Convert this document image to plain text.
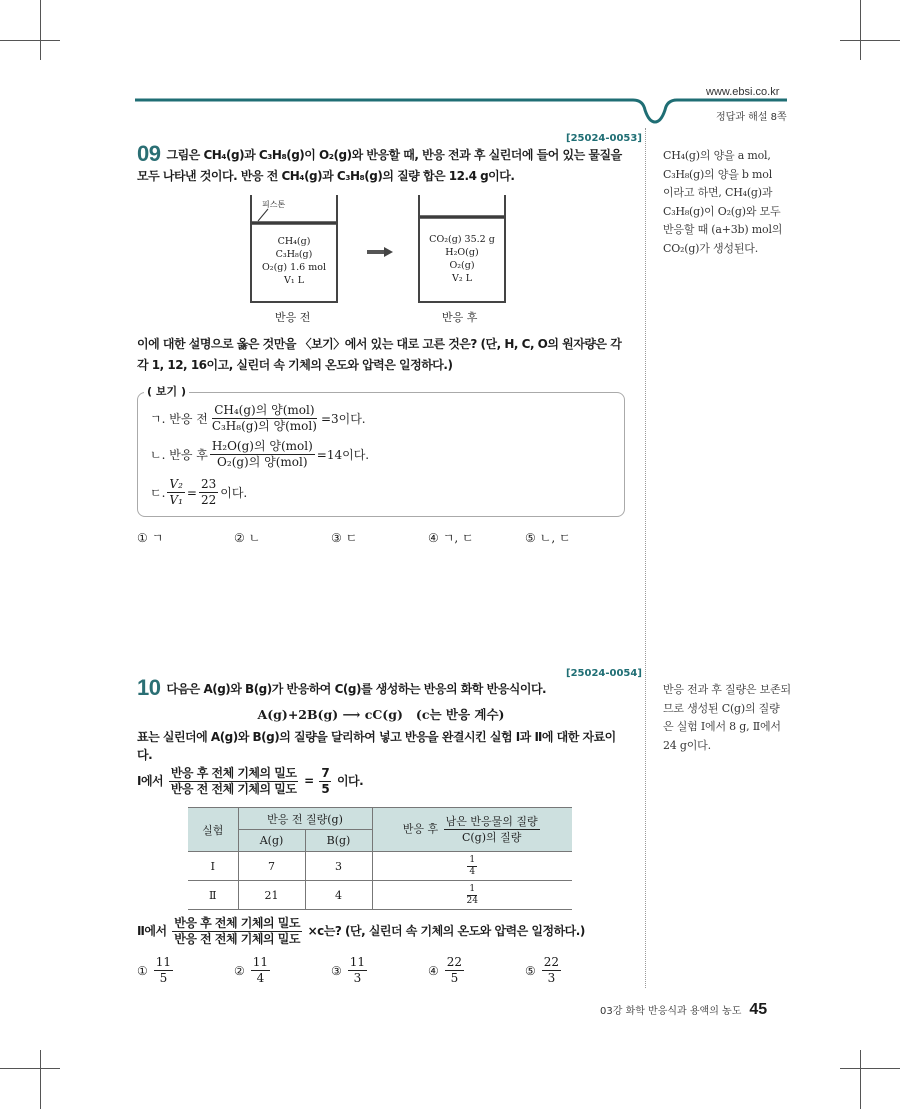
www.ebsi.co.kr
정답과 해설 8쪽
[25024-0053]
09 그림은 CH₄(g)과 C₃H₈(g)이 O₂(g)와 반응할 때, 반응 전과 후 실린더에 들어 있는 물질을 모두 나타낸 것이다. 반응 전 CH₄(g)과 C₃H₈(g)의 질량 합은 12.4 g이다.
CH₄(g)
C₃H₈(g)
O₂(g) 1.6 mol
V₁ L
피스톤
반응 전
CO₂(g) 35.2 g
H₂O(g)
O₂(g)
V₂ L
반응 후
이에 대한 설명으로 옳은 것만을 〈보기〉에서 있는 대로 고른 것은? (단, H, C, O의 원자량은 각각 1, 12, 16이고, 실린더 속 기체의 온도와 압력은 일정하다.)
( 보기 )
ㄱ. 반응 전 $\frac{\text{CH₄(g)의 양(mol)}}{\text{C₃H₈(g)의 양(mol)}} =3$이다.
ㄴ. 반응 후 $\frac{\text{H₂O(g)의 양(mol)}}{\text{O₂(g)의 양(mol)}} =14$이다.
ㄷ. $\frac{\text{V₂}}{\text{V₁}} = \frac{23}{22}$ 이다.
① ㄱ	② ㄴ	③ ㄷ	④ ㄱ, ㄷ	⑤ ㄴ, ㄷ
CH₄(g)의 양을 a mol,
C₃H₈(g)의 양을 b mol
이라고 하면, CH₄(g)과
C₃H₈(g)이 O₂(g)와 모두
반응할 때 (a+3b) mol의
CO₂(g)가 생성된다.
[25024-0054]
10 다음은 A(g)와 B(g)가 반응하여 C(g)를 생성하는 반응의 화학 반응식이다.
A(g)+2B(g) ⟶ cC(g)   (c는 반응 계수)
표는 실린더에 A(g)와 B(g)의 질량을 달리하여 넣고 반응을 완결시킨 실험 Ⅰ과 Ⅱ에 대한 자료이다.
Ⅰ에서 $\frac{\text{반응 후 전체 기체의 밀도}}{\text{반응 전 전체 기체의 밀도}} = \frac{7}{5}$ 이다.
실험	반응 전 질량(g)		반응 후 $\frac{\text{남은 반응물의 질량}}{\text{C(g)의 질량}}$

	A(g)	B(g)	
Ⅰ	7	3	$\frac{1}{4}$

Ⅱ	21	4	$\frac{1}{24}$
Ⅱ에서 $\frac{\text{반응 후 전체 기체의 밀도}}{\text{반응 전 전체 기체의 밀도}} \times c$는? (단, 실린더 속 기체의 온도와 압력은 일정하다.)
① $\frac{11}{5}$	② $\frac{11}{4}$	③ $\frac{11}{3}$	④ $\frac{22}{5}$	⑤ $\frac{22}{3}$
반응 전과 후 질량은 보존되
므로 생성된 C(g)의 질량
은 실험 Ⅰ에서 8 g, Ⅱ에서
24 g이다.
03강 화학 반응식과 용액의 농도 45
